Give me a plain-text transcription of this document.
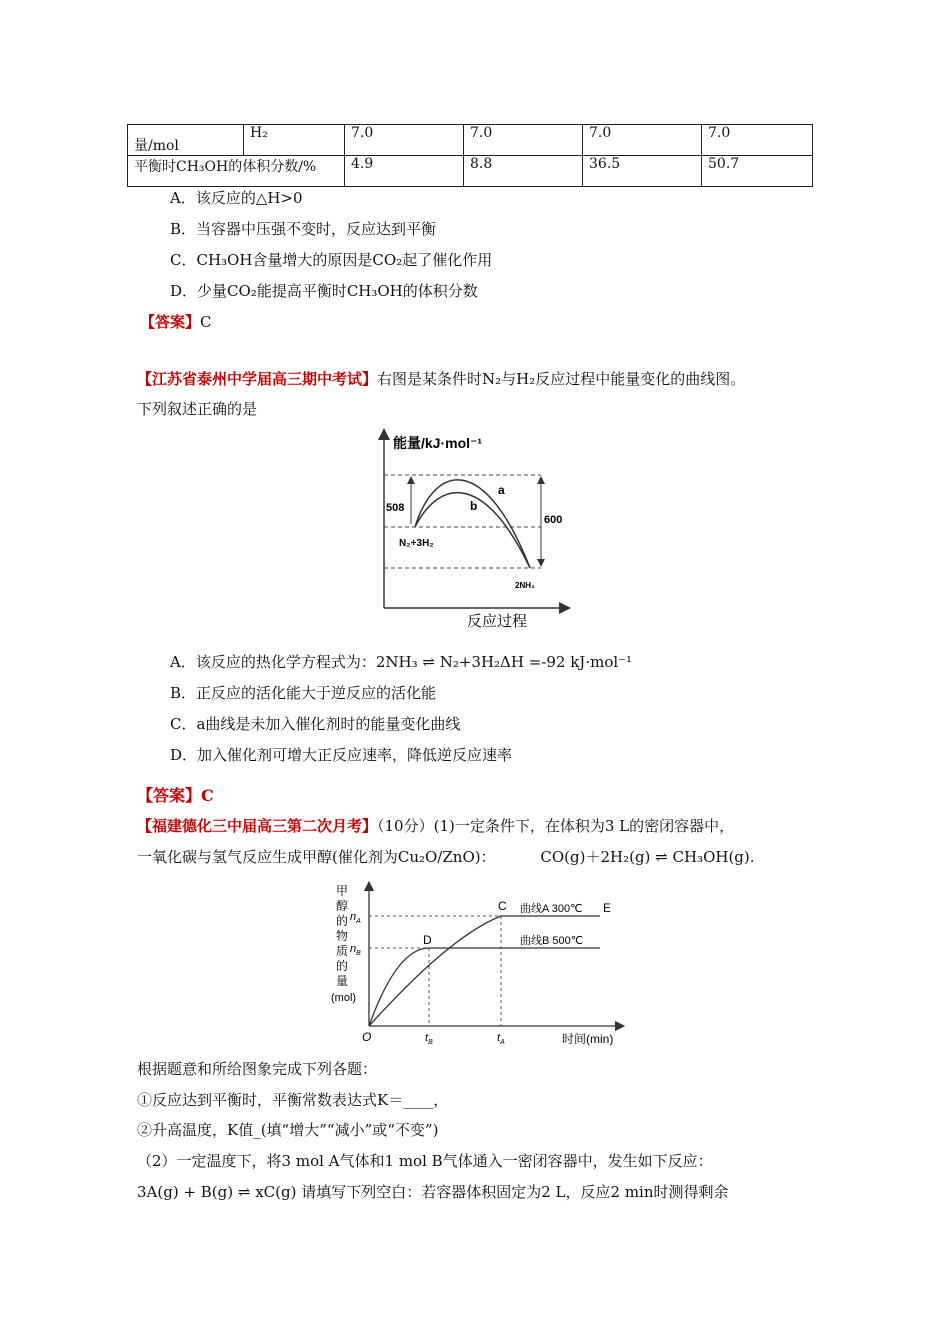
量/mol	H₂	7.0	7.0	7.0	7.0
平衡时CH₃OH的体积分数/%		4.9	8.8	36.5	50.7
A．该反应的△H>0
B．当容器中压强不变时，反应达到平衡
C．CH₃OH含量增大的原因是CO₂起了催化作用
D．少量CO₂能提高平衡时CH₃OH的体积分数
【答案】C
【江苏省泰州中学届高三期中考试】右图是某条件时N₂与H₂反应过程中能量变化的曲线图。
下列叙述正确的是
能量/kJ·mol⁻¹
508
600
a
b
N₂+3H₂
2NH₃
反应过程
A．该反应的热化学方程式为：2NH₃ ⇌ N₂+3H₂ΔH =-92 kJ·mol⁻¹
B．正反应的活化能大于逆反应的活化能
C．a曲线是未加入催化剂时的能量变化曲线
D．加入催化剂可增大正反应速率，降低逆反应速率
【答案】C
【福建德化三中届高三第二次月考】（10分）(1)一定条件下，在体积为3 L的密闭容器中，
一氧化碳与氢气反应生成甲醇(催化剂为Cu₂O/ZnO)：	CO(g)＋2H₂(g) ⇌ CH₃OH(g).
甲
醇
的
物
质
的
量
(mol)
$n_A$
$n_B$
C
D
曲线A 300℃ E
曲线B 500℃
O	$t_B$	$t_A$	时间(min)
根据题意和所给图象完成下列各题：
①反应达到平衡时，平衡常数表达式K＝____，
②升高温度，K值_(填“增大”“减小”或“不变”)
（2）一定温度下，将3 mol A气体和1 mol B气体通入一密闭容器中，发生如下反应：
3A(g) + B(g) ⇌ xC(g) 请填写下列空白：若容器体积固定为2 L，反应2 min时测得剩余
